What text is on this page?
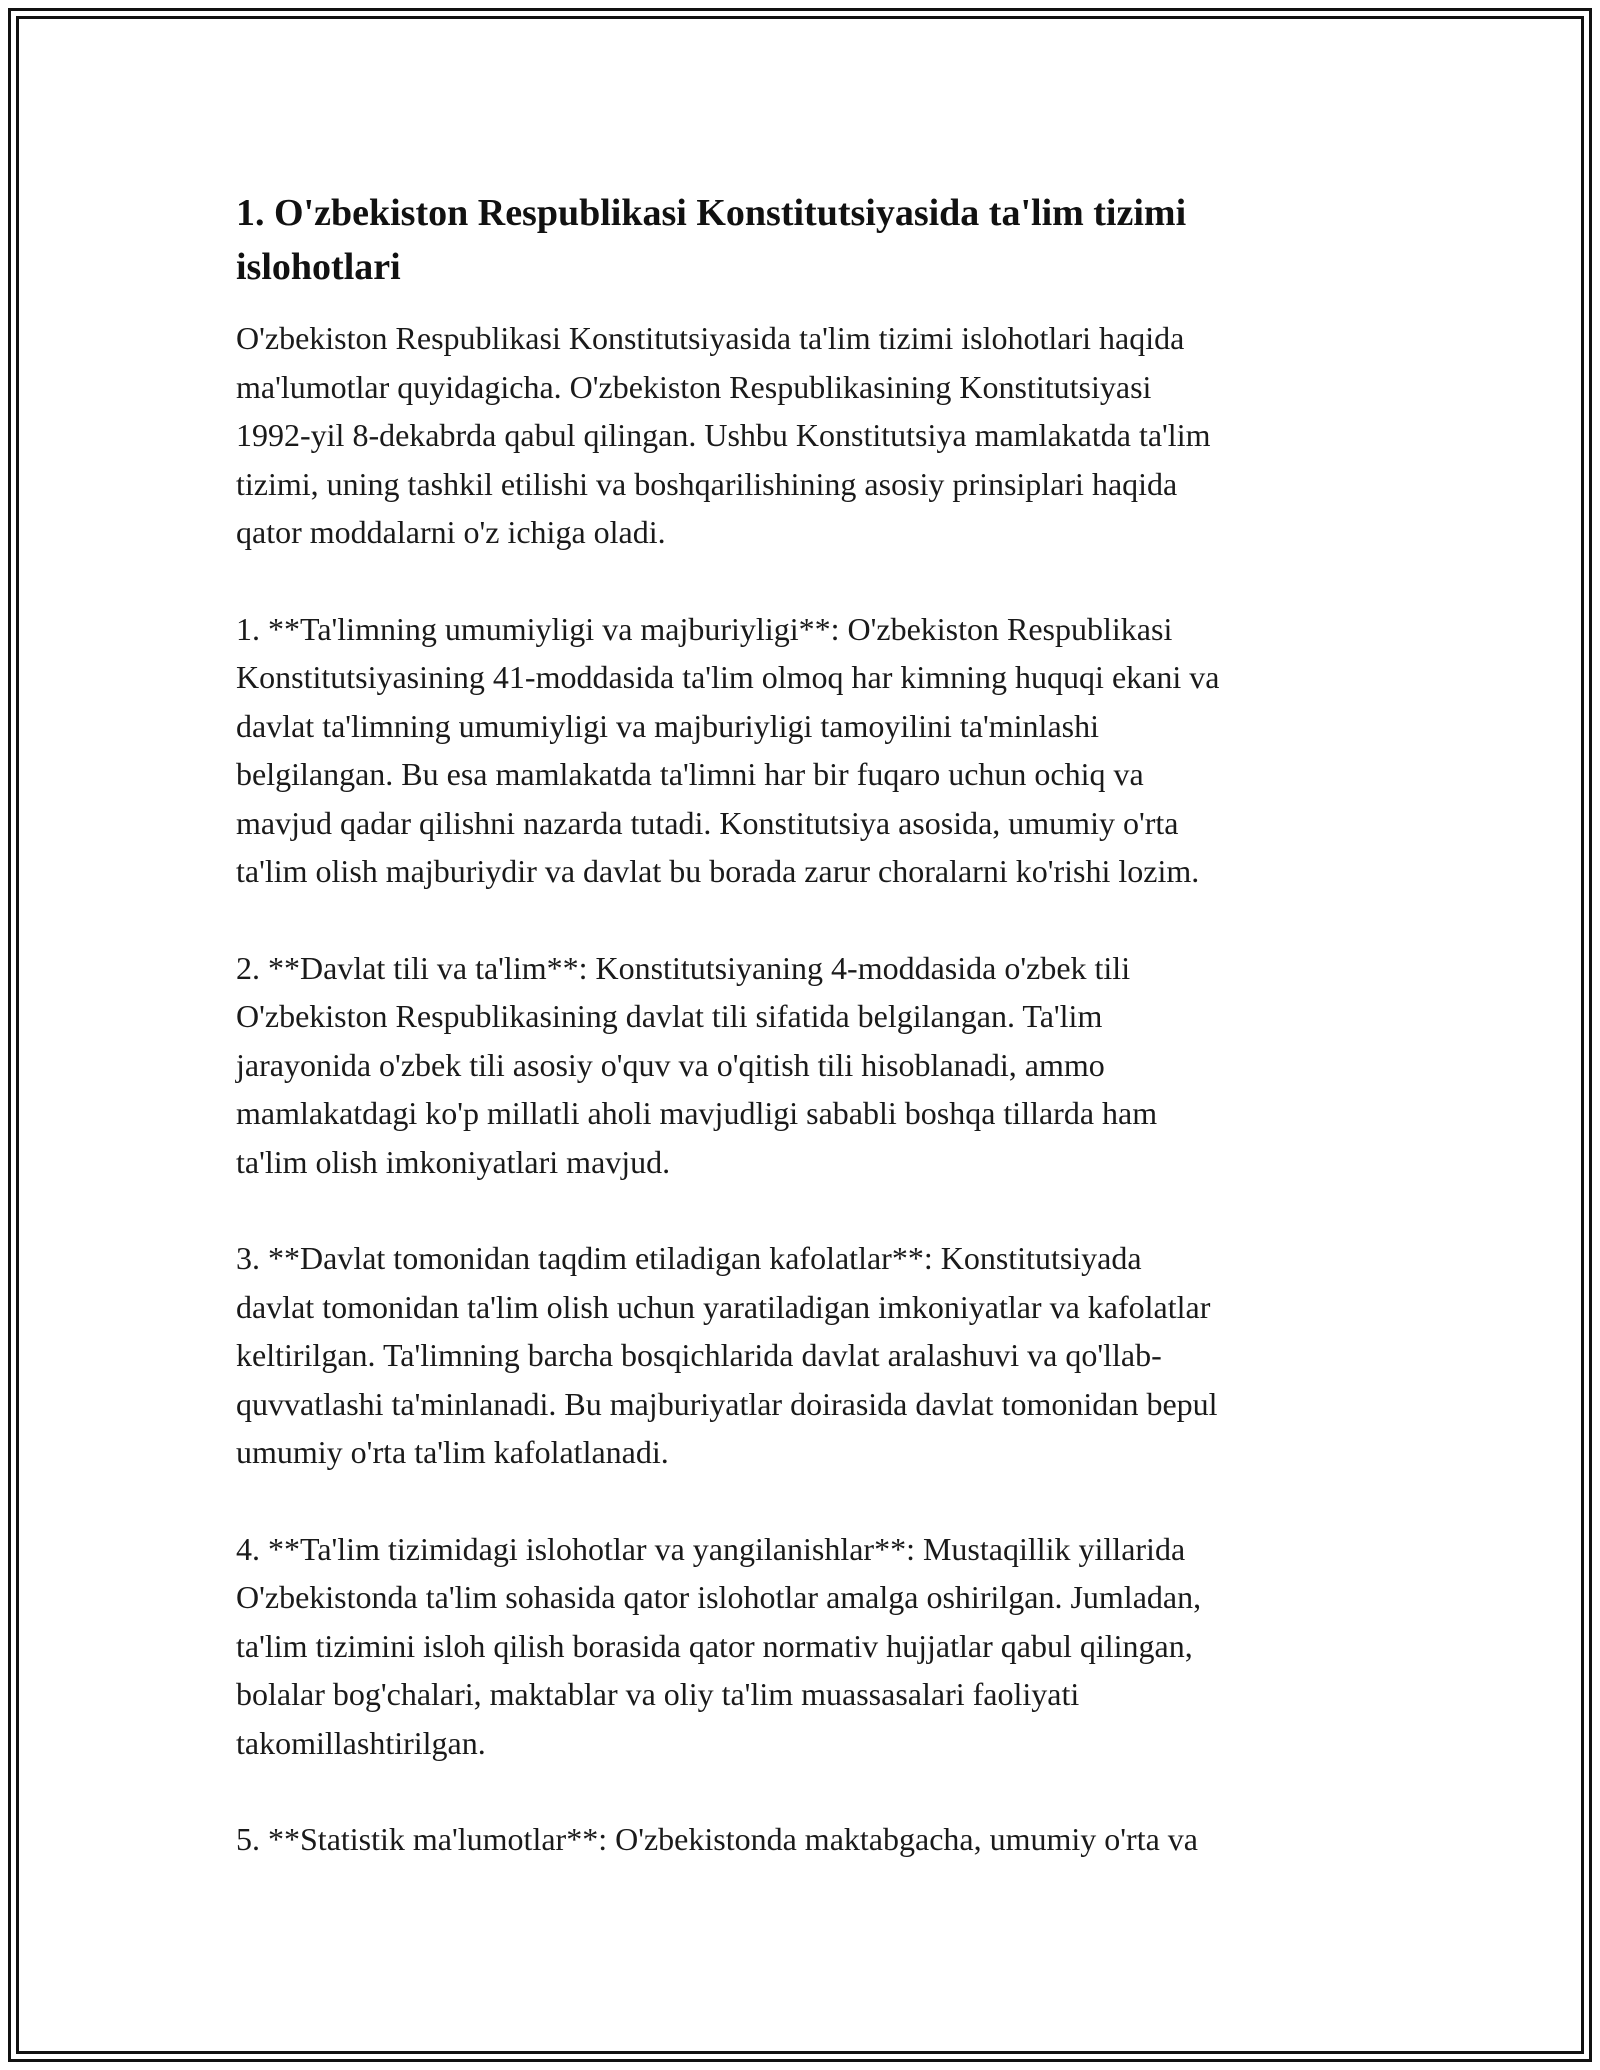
1. O'zbekiston Respublikasi Konstitutsiyasida ta'lim tizimi
islohotlari
O'zbekiston Respublikasi Konstitutsiyasida ta'lim tizimi islohotlari haqida
ma'lumotlar quyidagicha. O'zbekiston Respublikasining Konstitutsiyasi
1992-yil 8-dekabrda qabul qilingan. Ushbu Konstitutsiya mamlakatda ta'lim
tizimi, uning tashkil etilishi va boshqarilishining asosiy prinsiplari haqida
qator moddalarni o'z ichiga oladi.
1. **Ta'limning umumiyligi va majburiyligi**: O'zbekiston Respublikasi
Konstitutsiyasining 41-moddasida ta'lim olmoq har kimning huquqi ekani va
davlat ta'limning umumiyligi va majburiyligi tamoyilini ta'minlashi
belgilangan. Bu esa mamlakatda ta'limni har bir fuqaro uchun ochiq va
mavjud qadar qilishni nazarda tutadi. Konstitutsiya asosida, umumiy o'rta
ta'lim olish majburiydir va davlat bu borada zarur choralarni ko'rishi lozim.
2. **Davlat tili va ta'lim**: Konstitutsiyaning 4-moddasida o'zbek tili
O'zbekiston Respublikasining davlat tili sifatida belgilangan. Ta'lim
jarayonida o'zbek tili asosiy o'quv va o'qitish tili hisoblanadi, ammo
mamlakatdagi ko'p millatli aholi mavjudligi sababli boshqa tillarda ham
ta'lim olish imkoniyatlari mavjud.
3. **Davlat tomonidan taqdim etiladigan kafolatlar**: Konstitutsiyada
davlat tomonidan ta'lim olish uchun yaratiladigan imkoniyatlar va kafolatlar
keltirilgan. Ta'limning barcha bosqichlarida davlat aralashuvi va qo'llab-
quvvatlashi ta'minlanadi. Bu majburiyatlar doirasida davlat tomonidan bepul
umumiy o'rta ta'lim kafolatlanadi.
4. **Ta'lim tizimidagi islohotlar va yangilanishlar**: Mustaqillik yillarida
O'zbekistonda ta'lim sohasida qator islohotlar amalga oshirilgan. Jumladan,
ta'lim tizimini isloh qilish borasida qator normativ hujjatlar qabul qilingan,
bolalar bog'chalari, maktablar va oliy ta'lim muassasalari faoliyati
takomillashtirilgan.
5. **Statistik ma'lumotlar**: O'zbekistonda maktabgacha, umumiy o'rta va
